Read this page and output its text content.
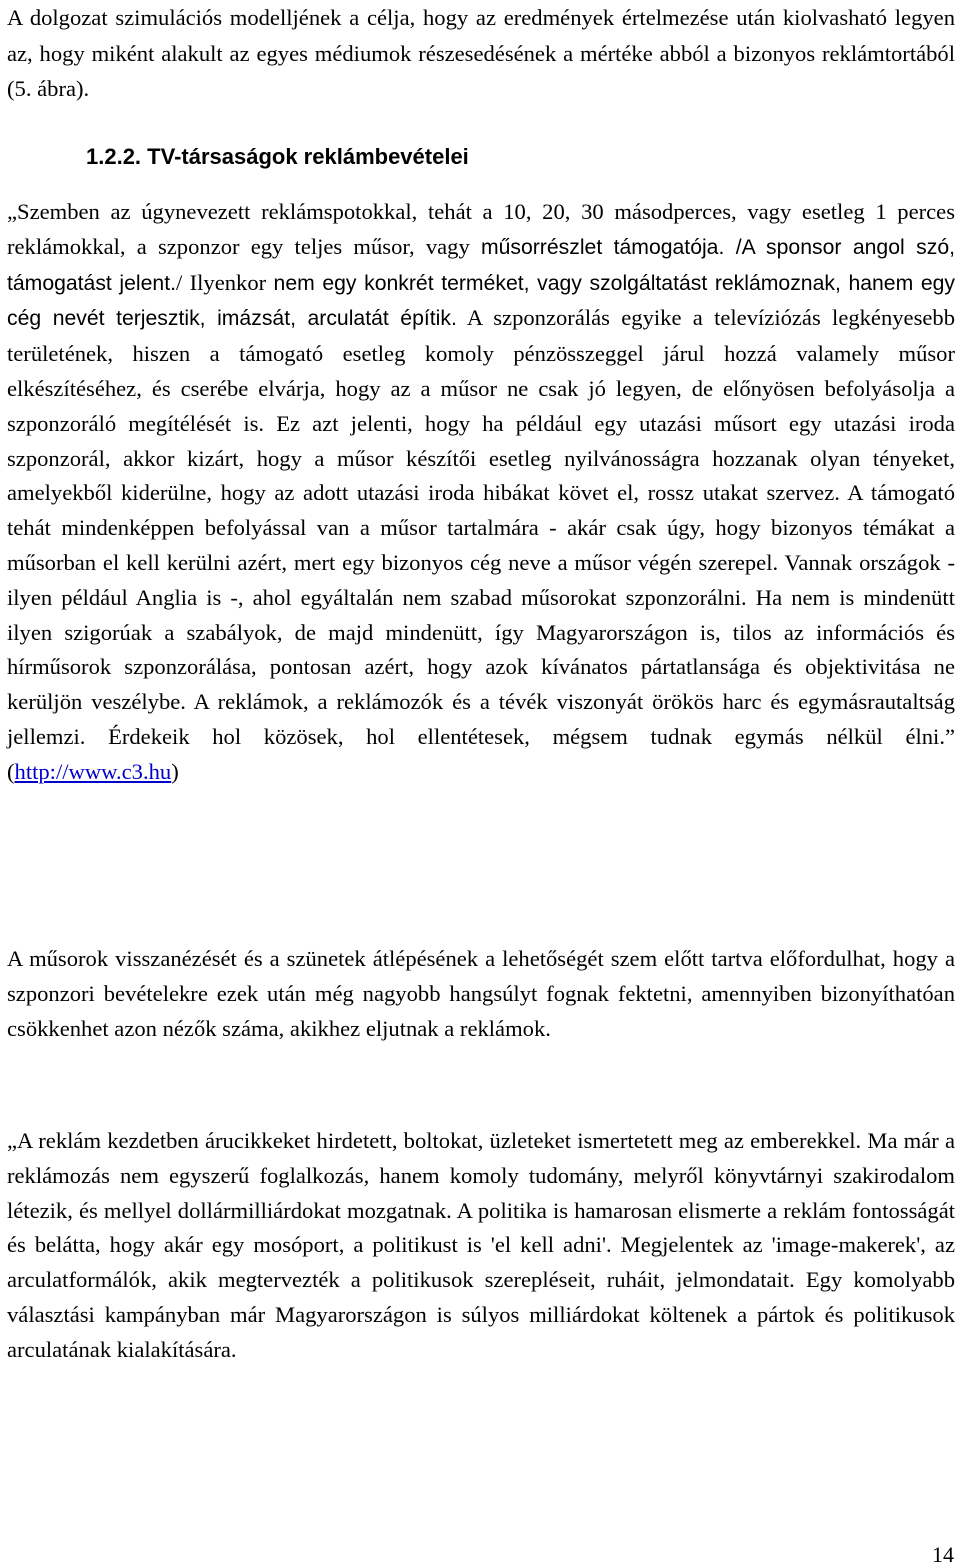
A dolgozat szimulációs modelljének a célja, hogy az eredmények értelmezése után kiolvasható legyen az, hogy miként alakult az egyes médiumok részesedésének a mértéke abból a bizonyos reklámtortából (5. ábra).

1.2.2. TV-társaságok reklámbevételei

„Szemben az úgynevezett reklámspotokkal, tehát a 10, 20, 30 másodperces, vagy esetleg 1 perces reklámokkal, a szponzor egy teljes műsor, vagy műsorrészlet támogatója. /A sponsor angol szó, támogatást jelent./ Ilyenkor nem egy konkrét terméket, vagy szolgáltatást reklámoznak, hanem egy cég nevét terjesztik, imázsát, arculatát építik. A szponzorálás egyike a televíziózás legkényesebb területének, hiszen a támogató esetleg komoly pénzösszeggel járul hozzá valamely műsor elkészítéséhez, és cserébe elvárja, hogy az a műsor ne csak jó legyen, de előnyösen befolyásolja a szponzoráló megítélését is. Ez azt jelenti, hogy ha például egy utazási műsort egy utazási iroda szponzorál, akkor kizárt, hogy a műsor készítői esetleg nyilvánosságra hozzanak olyan tényeket, amelyekből kiderülne, hogy az adott utazási iroda hibákat követ el, rossz utakat szervez. A támogató tehát mindenképpen befolyással van a műsor tartalmára - akár csak úgy, hogy bizonyos témákat a műsorban el kell kerülni azért, mert egy bizonyos cég neve a műsor végén szerepel. Vannak országok - ilyen például Anglia is -, ahol egyáltalán nem szabad műsorokat szponzorálni. Ha nem is mindenütt ilyen szigorúak a szabályok, de majd mindenütt, így Magyarországon is, tilos az információs és hírműsorok szponzorálása, pontosan azért, hogy azok kívánatos pártatlansága és objektivitása ne kerüljön veszélybe. A reklámok, a reklámozók és a tévék viszonyát örökös harc és egymásrautaltság jellemzi. Érdekeik hol közösek, hol ellentétesek, mégsem tudnak egymás nélkül élni.” (http://www.c3.hu)

A műsorok visszanézését és a szünetek átlépésének a lehetőségét szem előtt tartva előfordulhat, hogy a szponzori bevételekre ezek után még nagyobb hangsúlyt fognak fektetni, amennyiben bizonyíthatóan csökkenhet azon nézők száma, akikhez eljutnak a reklámok.

„A reklám kezdetben árucikkeket hirdetett, boltokat, üzleteket ismertetett meg az emberekkel. Ma már a reklámozás nem egyszerű foglalkozás, hanem komoly tudomány, melyről könyvtárnyi szakirodalom létezik, és mellyel dollármilliárdokat mozgatnak. A politika is hamarosan elismerte a reklám fontosságát és belátta, hogy akár egy mosóport, a politikust is 'el kell adni'. Megjelentek az 'image-makerek', az arculatformálók, akik megtervezték a politikusok szerepléseit, ruháit, jelmondatait. Egy komolyabb választási kampányban már Magyarországon is súlyos milliárdokat költenek a pártok és politikusok arculatának kialakítására.

14
